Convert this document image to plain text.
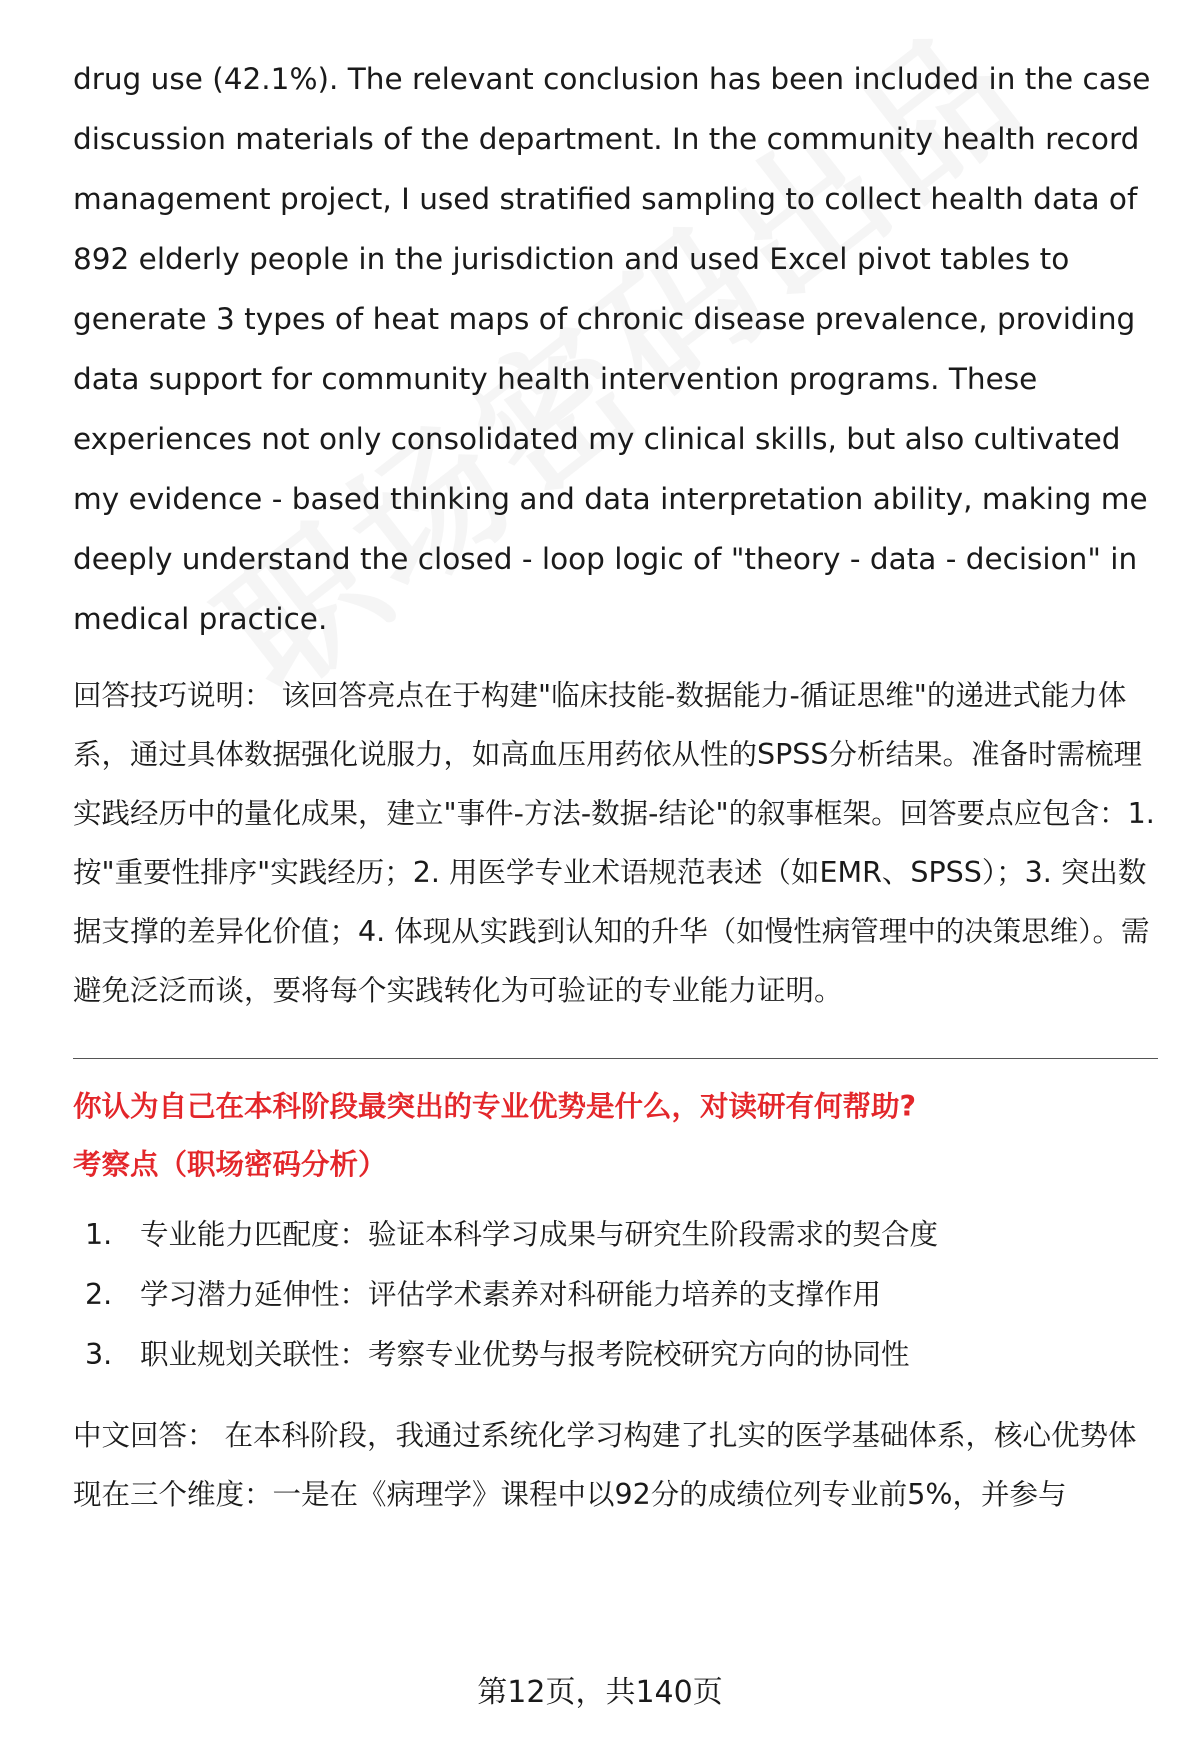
drug use (42.1%). The relevant conclusion has been included in the case discussion materials of the department. In the community health record management project, I used stratified sampling to collect health data of 892 elderly people in the jurisdiction and used Excel pivot tables to generate 3 types of heat maps of chronic disease prevalence, providing data support for community health intervention programs. These experiences not only consolidated my clinical skills, but also cultivated my evidence - based thinking and data interpretation ability, making me deeply understand the closed - loop logic of "theory - data - decision" in medical practice.

回答技巧说明： 该回答亮点在于构建"临床技能-数据能力-循证思维"的递进式能力体系，通过具体数据强化说服力，如高血压用药依从性的SPSS分析结果。准备时需梳理实践经历中的量化成果，建立"事件-方法-数据-结论"的叙事框架。回答要点应包含：1. 按"重要性排序"实践经历；2. 用医学专业术语规范表述（如EMR、SPSS）；3. 突出数据支撑的差异化价值；4. 体现从实践到认知的升华（如慢性病管理中的决策思维）。需避免泛泛而谈，要将每个实践转化为可验证的专业能力证明。

你认为自己在本科阶段最突出的专业优势是什么，对读研有何帮助?

考察点（职场密码分析）

1. 专业能力匹配度：验证本科学习成果与研究生阶段需求的契合度
2. 学习潜力延伸性：评估学术素养对科研能力培养的支撑作用
3. 职业规划关联性：考察专业优势与报考院校研究方向的协同性

中文回答： 在本科阶段，我通过系统化学习构建了扎实的医学基础体系，核心优势体现在三个维度：一是在《病理学》课程中以92分的成绩位列专业前5%，并参与

第12页，共140页
